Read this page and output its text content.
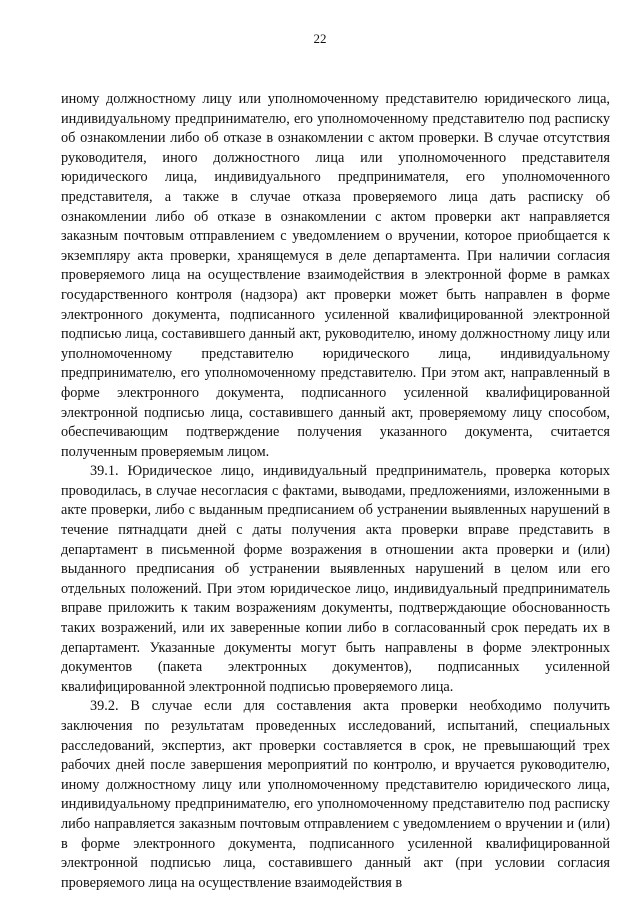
22

иному должностному лицу или уполномоченному представителю юридического лица, индивидуальному предпринимателю, его уполномоченному представителю под расписку об ознакомлении либо об отказе в ознакомлении с актом проверки. В случае отсутствия руководителя, иного должностного лица или уполномоченного представителя юридического лица, индивидуального предпринимателя, его уполномоченного представителя, а также в случае отказа проверяемого лица дать расписку об ознакомлении либо об отказе в ознакомлении с актом проверки акт направляется заказным почтовым отправлением с уведомлением о вручении, которое приобщается к экземпляру акта проверки, хранящемуся в деле департамента. При наличии согласия проверяемого лица на осуществление взаимодействия в электронной форме в рамках государственного контроля (надзора) акт проверки может быть направлен в форме электронного документа, подписанного усиленной квалифицированной электронной подписью лица, составившего данный акт, руководителю, иному должностному лицу или уполномоченному представителю юридического лица, индивидуальному предпринимателю, его уполномоченному представителю. При этом акт, направленный в форме электронного документа, подписанного усиленной квалифицированной электронной подписью лица, составившего данный акт, проверяемому лицу способом, обеспечивающим подтверждение получения указанного документа, считается полученным проверяемым лицом.

39.1. Юридическое лицо, индивидуальный предприниматель, проверка которых проводилась, в случае несогласия с фактами, выводами, предложениями, изложенными в акте проверки, либо с выданным предписанием об устранении выявленных нарушений в течение пятнадцати дней с даты получения акта проверки вправе представить в департамент в письменной форме возражения в отношении акта проверки и (или) выданного предписания об устранении выявленных нарушений в целом или его отдельных положений. При этом юридическое лицо, индивидуальный предприниматель вправе приложить к таким возражениям документы, подтверждающие обоснованность таких возражений, или их заверенные копии либо в согласованный срок передать их в департамент. Указанные документы могут быть направлены в форме электронных документов (пакета электронных документов), подписанных усиленной квалифицированной электронной подписью проверяемого лица.

39.2. В случае если для составления акта проверки необходимо получить заключения по результатам проведенных исследований, испытаний, специальных расследований, экспертиз, акт проверки составляется в срок, не превышающий трех рабочих дней после завершения мероприятий по контролю, и вручается руководителю, иному должностному лицу или уполномоченному представителю юридического лица, индивидуальному предпринимателю, его уполномоченному представителю под расписку либо направляется заказным почтовым отправлением с уведомлением о вручении и (или) в форме электронного документа, подписанного усиленной квалифицированной электронной подписью лица, составившего данный акт (при условии согласия проверяемого лица на осуществление взаимодействия в
